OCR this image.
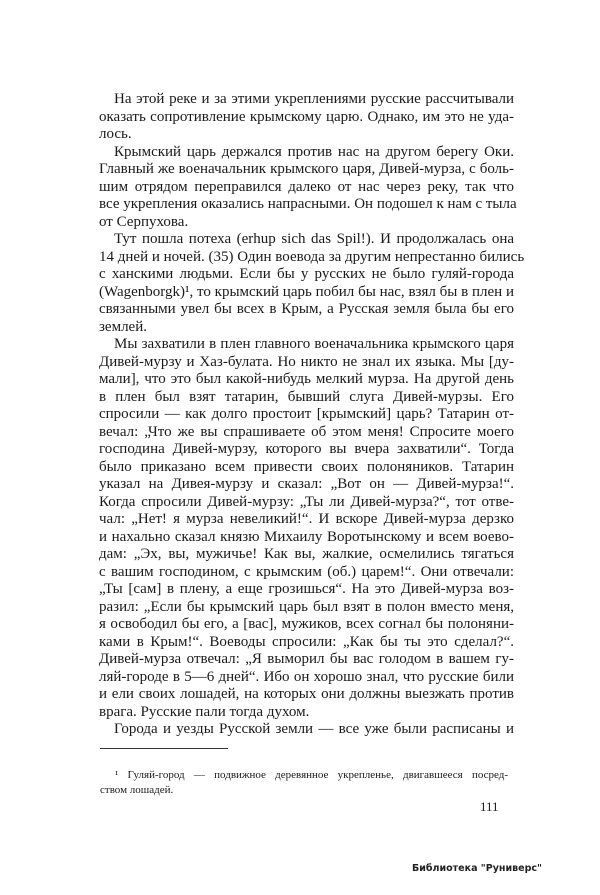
На этой реке и за этими укреплениями русские рассчитывали
оказать сопротивление крымскому царю. Однако, им это не уда-
лось.
Крымский царь держался против нас на другом берегу Оки.
Главный же военачальник крымского царя, Дивей-мурза, с боль-
шим отрядом переправился далеко от нас через реку, так что
все укрепления оказались напрасными. Он подошел к нам с тыла
от Серпухова.
Тут пошла потеха (erhup sich das Spil!). И продолжалась она
14 дней и ночей. (35) Один воевода за другим непрестанно бились
с ханскими людьми. Если бы у русских не было гуляй-города
(Wagenborgk)¹, то крымский царь побил бы нас, взял бы в плен и
связанными увел бы всех в Крым, а Русская земля была бы его
землей.
Мы захватили в плен главного военачальника крымского царя
Дивей-мурзу и Хаз-булата. Но никто не знал их языка. Мы [ду-
мали], что это был какой-нибудь мелкий мурза. На другой день
в плен был взят татарин, бывший слуга Дивей-мурзы. Его
спросили — как долго простоит [крымский] царь? Татарин от-
вечал: „Что же вы спрашиваете об этом меня! Спросите моего
господина Дивей-мурзу, которого вы вчера захватили“. Тогда
было приказано всем привести своих полоняников. Татарин
указал на Дивея-мурзу и сказал: „Вот он — Дивей-мурза!“.
Когда спросили Дивей-мурзу: „Ты ли Дивей-мурза?“, тот отве-
чал: „Нет! я мурза невеликий!“. И вскоре Дивей-мурза дерзко
и нахально сказал князю Михаилу Воротынскому и всем воево-
дам: „Эх, вы, мужичье! Как вы, жалкие, осмелились тягаться
с вашим господином, с крымским (об.) царем!“. Они отвечали:
„Ты [сам] в плену, а еще грозишься“. На это Дивей-мурза воз-
разил: „Если бы крымский царь был взят в полон вместо меня,
я освободил бы его, а [вас], мужиков, всех согнал бы полоняни-
ками в Крым!“. Воеводы спросили: „Как бы ты это сделал?“.
Дивей-мурза отвечал: „Я выморил бы вас голодом в вашем гу-
ляй-городе в 5—6 дней“. Ибо он хорошо знал, что русские били
и ели своих лошадей, на которых они должны выезжать против
врага. Русские пали тогда духом.
Города и уезды Русской земли — все уже были расписаны и
¹ Гуляй-город — подвижное деревянное укрепленье, двигавшееся посред-
ством лошадей.
111
Библиотека "Руниверс"
